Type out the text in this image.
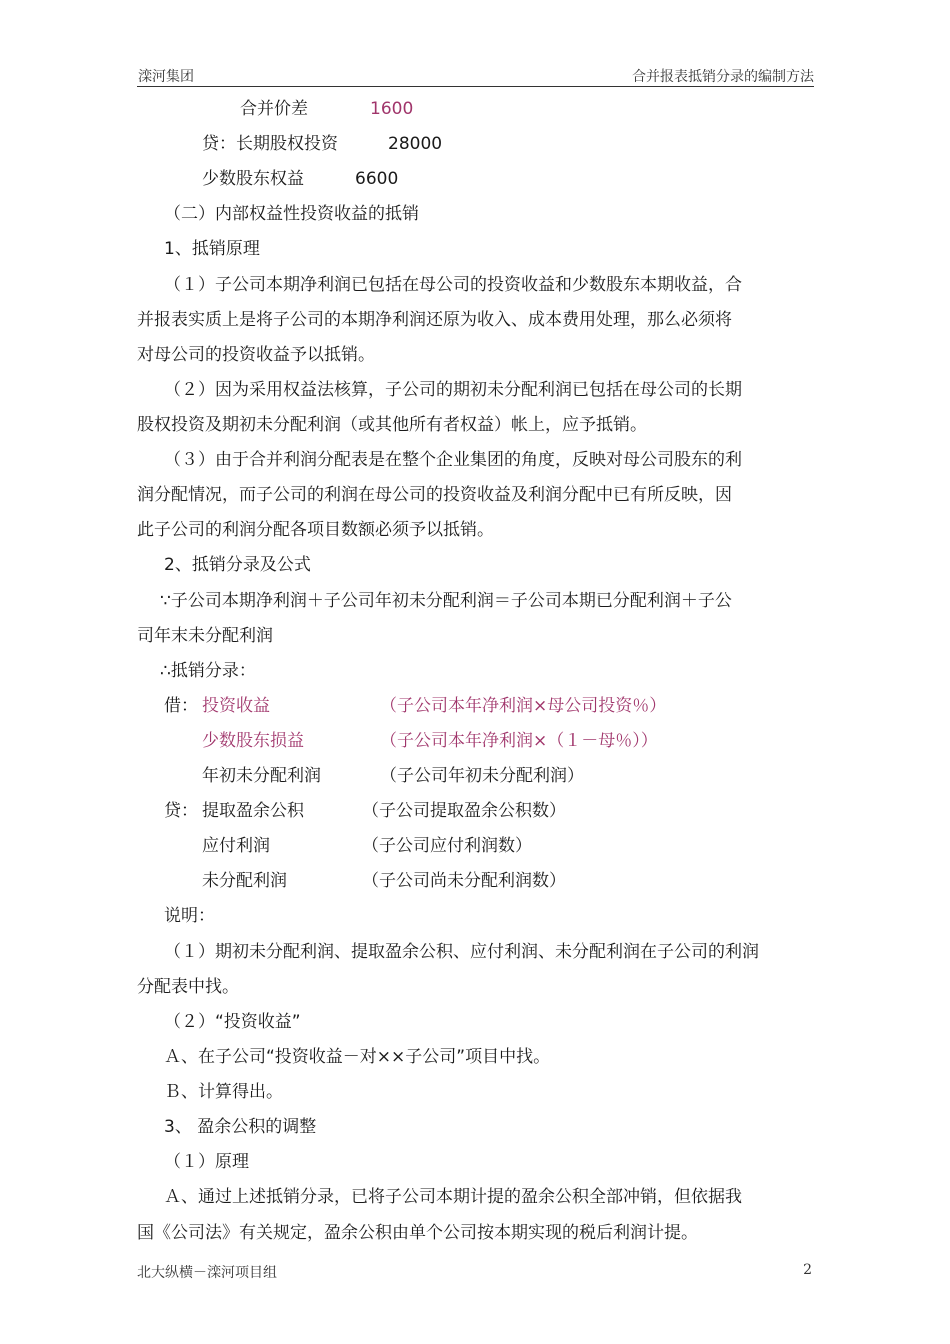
滦河集团	合并报表抵销分录的编制方法
合并价差	1600
贷：长期股权投资	28000
少数股东权益	6600
（二）内部权益性投资收益的抵销
1、抵销原理
（１）子公司本期净利润已包括在母公司的投资收益和少数股东本期收益，合
并报表实质上是将子公司的本期净利润还原为收入、成本费用处理，那么必须将
对母公司的投资收益予以抵销。
（２）因为采用权益法核算，子公司的期初未分配利润已包括在母公司的长期
股权投资及期初未分配利润（或其他所有者权益）帐上，应予抵销。
（３）由于合并利润分配表是在整个企业集团的角度，反映对母公司股东的利
润分配情况，而子公司的利润在母公司的投资收益及利润分配中已有所反映，因
此子公司的利润分配各项目数额必须予以抵销。
2、抵销分录及公式
∵子公司本期净利润＋子公司年初未分配利润＝子公司本期已分配利润＋子公
司年末未分配利润
∴抵销分录：
借： 投资收益	（子公司本年净利润×母公司投资％）
少数股东损益	（子公司本年净利润×（１－母％））
年初未分配利润	（子公司年初未分配利润）
贷： 提取盈余公积	（子公司提取盈余公积数）
应付利润	（子公司应付利润数）
未分配利润	（子公司尚未分配利润数）
说明：
（１）期初未分配利润、提取盈余公积、应付利润、未分配利润在子公司的利润
分配表中找。
（２）“投资收益”
Ａ、在子公司“投资收益－对××子公司”项目中找。
Ｂ、计算得出。
3、 盈余公积的调整
（１）原理
Ａ、通过上述抵销分录，已将子公司本期计提的盈余公积全部冲销，但依据我
国《公司法》有关规定，盈余公积由单个公司按本期实现的税后利润计提。
北大纵横－滦河项目组	2
